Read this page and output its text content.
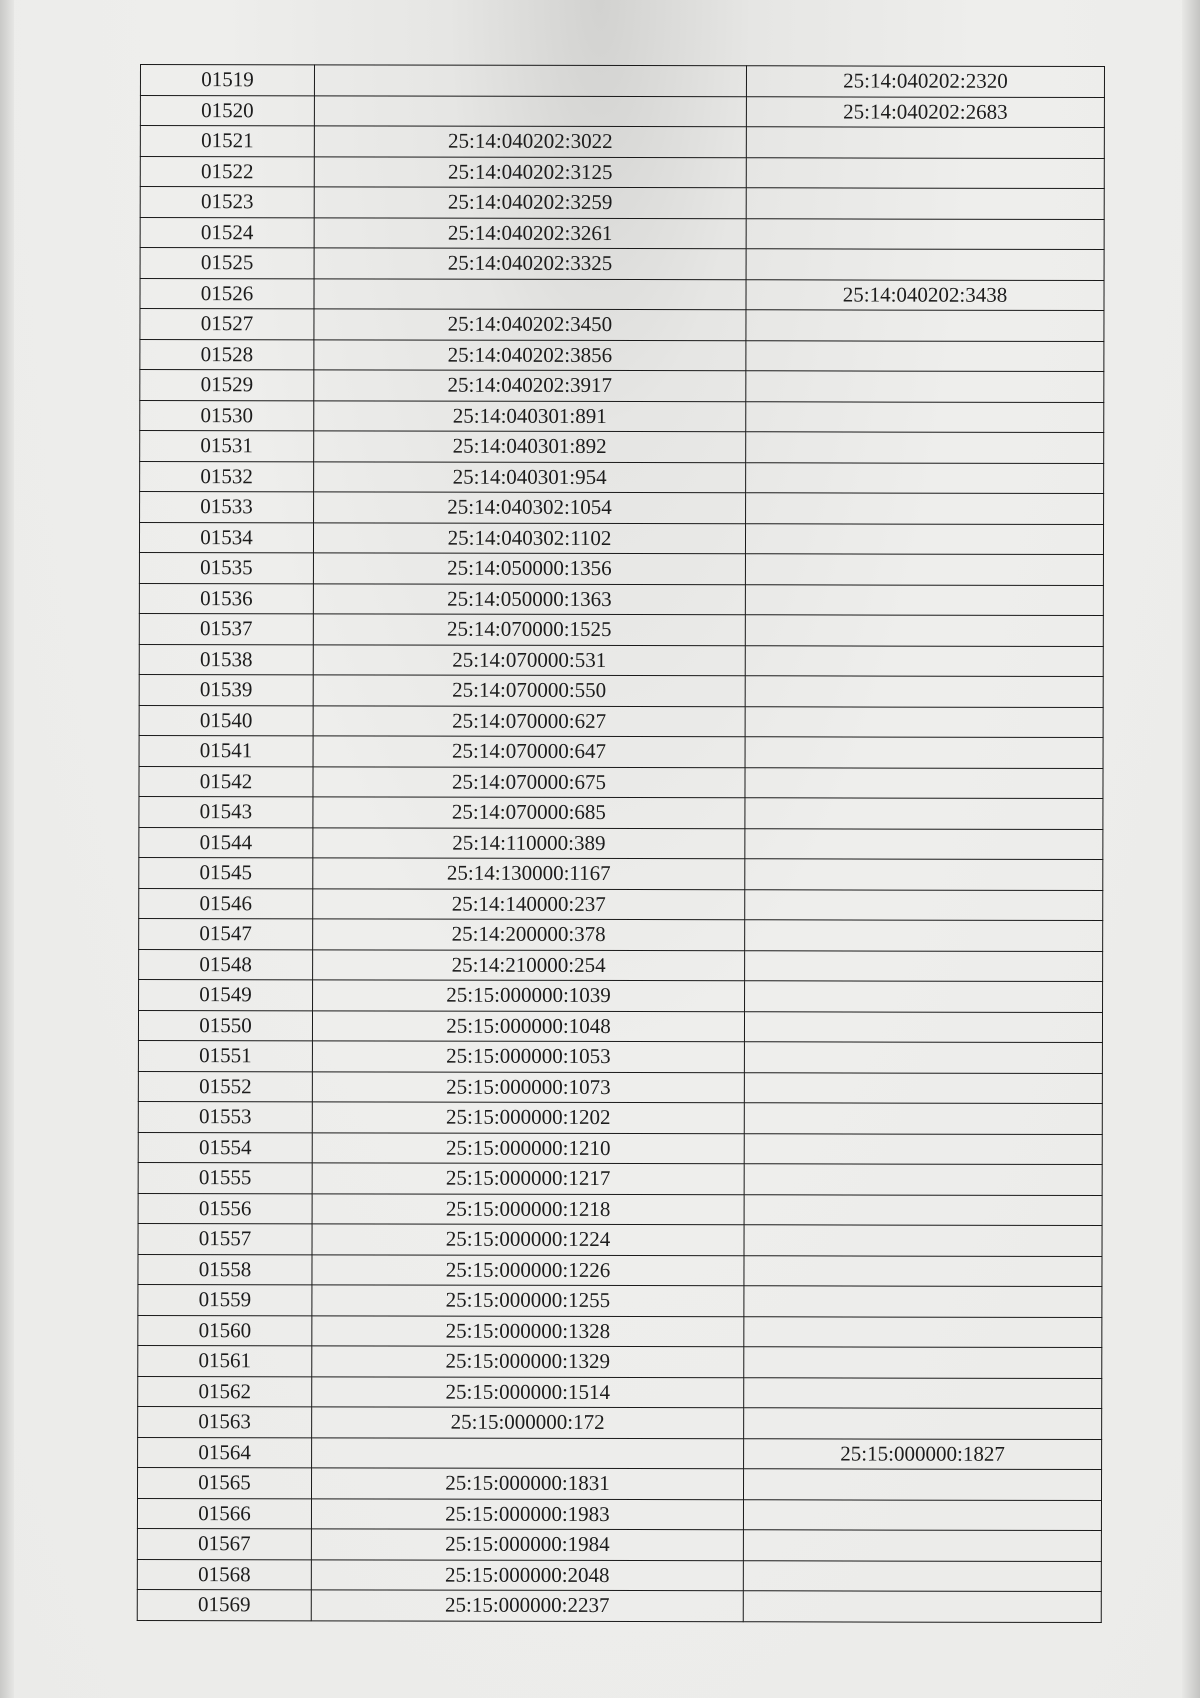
01519		25:14:040202:2320
01520		25:14:040202:2683
01521	25:14:040202:3022	
01522	25:14:040202:3125	
01523	25:14:040202:3259	
01524	25:14:040202:3261	
01525	25:14:040202:3325	
01526		25:14:040202:3438
01527	25:14:040202:3450	
01528	25:14:040202:3856	
01529	25:14:040202:3917	
01530	25:14:040301:891	
01531	25:14:040301:892	
01532	25:14:040301:954	
01533	25:14:040302:1054	
01534	25:14:040302:1102	
01535	25:14:050000:1356	
01536	25:14:050000:1363	
01537	25:14:070000:1525	
01538	25:14:070000:531	
01539	25:14:070000:550	
01540	25:14:070000:627	
01541	25:14:070000:647	
01542	25:14:070000:675	
01543	25:14:070000:685	
01544	25:14:110000:389	
01545	25:14:130000:1167	
01546	25:14:140000:237	
01547	25:14:200000:378	
01548	25:14:210000:254	
01549	25:15:000000:1039	
01550	25:15:000000:1048	
01551	25:15:000000:1053	
01552	25:15:000000:1073	
01553	25:15:000000:1202	
01554	25:15:000000:1210	
01555	25:15:000000:1217	
01556	25:15:000000:1218	
01557	25:15:000000:1224	
01558	25:15:000000:1226	
01559	25:15:000000:1255	
01560	25:15:000000:1328	
01561	25:15:000000:1329	
01562	25:15:000000:1514	
01563	25:15:000000:172	
01564		25:15:000000:1827
01565	25:15:000000:1831	
01566	25:15:000000:1983	
01567	25:15:000000:1984	
01568	25:15:000000:2048	
01569	25:15:000000:2237	
